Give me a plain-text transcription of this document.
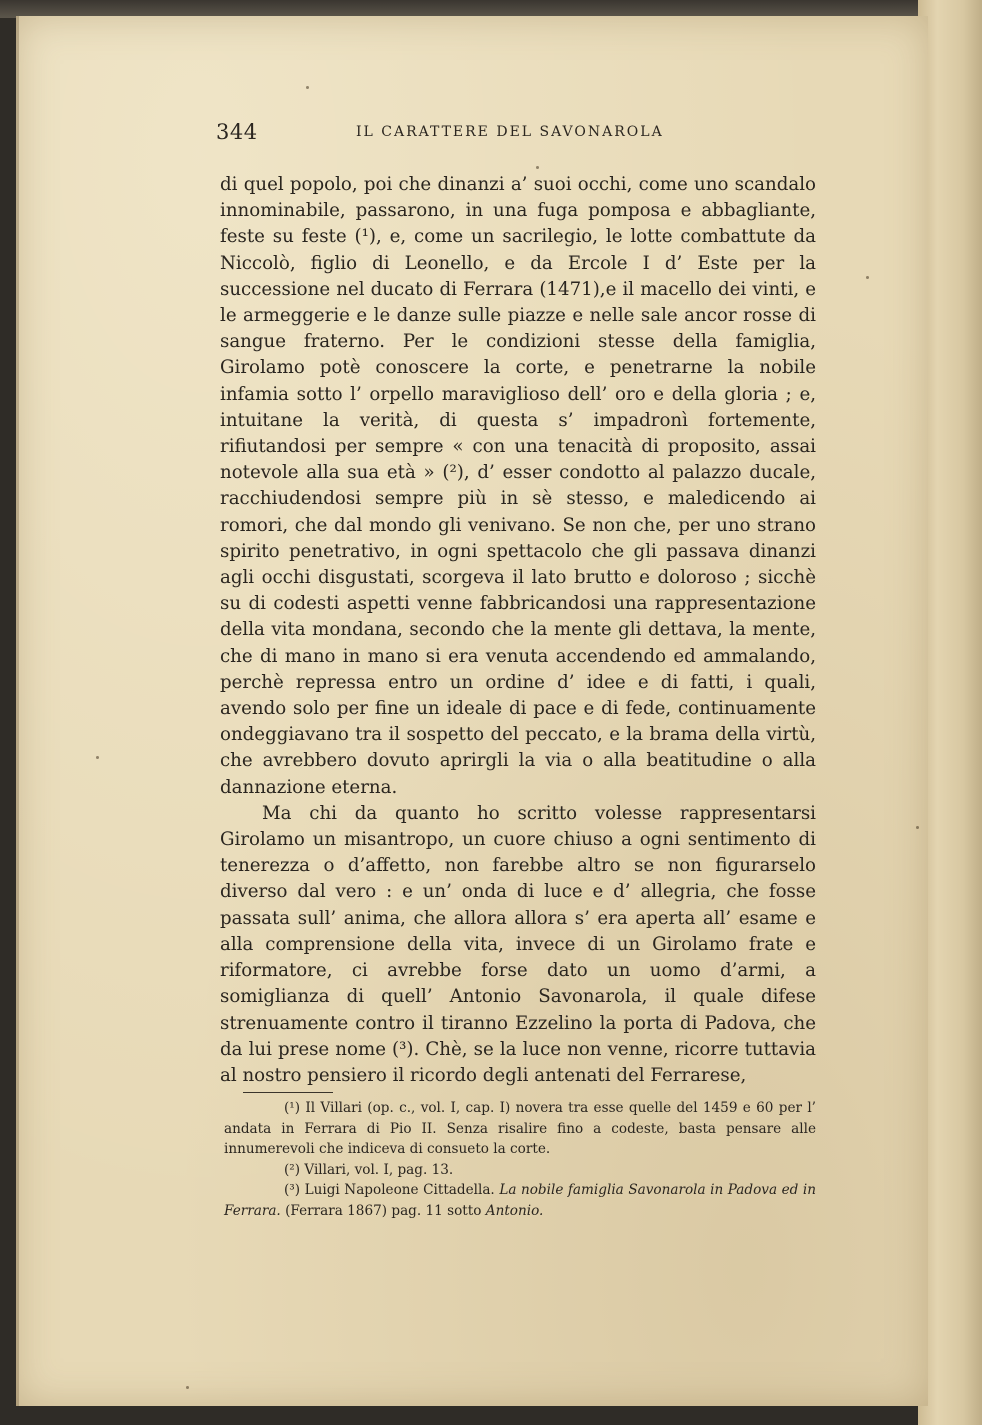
344	IL CARATTERE DEL SAVONAROLA

di quel popolo, poi che dinanzi a’ suoi occhi, come uno scandalo innominabile, passarono, in una fuga pomposa e abbagliante, feste su feste (¹), e, come un sacrilegio, le lotte combattute da Niccolò, figlio di Leonello, e da Ercole I d’ Este per la successione nel ducato di Ferrara (1471),e il macello dei vinti, e le armeggerie e le danze sulle piazze e nelle sale ancor rosse di sangue fraterno. Per le condizioni stesse della famiglia, Girolamo potè conoscere la corte, e penetrarne la nobile infamia sotto l’ orpello maraviglioso dell’ oro e della gloria ; e, intuitane la verità, di questa s’ impadronì fortemente, rifiutandosi per sempre « con una tenacità di proposito, assai notevole alla sua età » (²), d’ esser condotto al palazzo ducale, racchiudendosi sempre più in sè stesso, e maledicendo ai romori, che dal mondo gli venivano. Se non che, per uno strano spirito penetrativo, in ogni spettacolo che gli passava dinanzi agli occhi disgustati, scorgeva il lato brutto e doloroso ; sicchè su di codesti aspetti venne fabbricandosi una rappresentazione della vita mondana, secondo che la mente gli dettava, la mente, che di mano in mano si era venuta accendendo ed ammalando, perchè repressa entro un ordine d’ idee e di fatti, i quali, avendo solo per fine un ideale di pace e di fede, continuamente ondeggiavano tra il sospetto del peccato, e la brama della virtù, che avrebbero dovuto aprirgli la via o alla beatitudine o alla dannazione eterna.

Ma chi da quanto ho scritto volesse rappresentarsi Girolamo un misantropo, un cuore chiuso a ogni sentimento di tenerezza o d’affetto, non farebbe altro se non figurarselo diverso dal vero : e un’ onda di luce e d’ allegria, che fosse passata sull’ anima, che allora allora s’ era aperta all’ esame e alla comprensione della vita, invece di un Girolamo frate e riformatore, ci avrebbe forse dato un uomo d’armi, a somiglianza di quell’ Antonio Savonarola, il quale difese strenuamente contro il tiranno Ezzelino la porta di Padova, che da lui prese nome (³). Chè, se la luce non venne, ricorre tuttavia al nostro pensiero il ricordo degli antenati del Ferrarese,

(¹) Il Villari (op. c., vol. I, cap. I) novera tra esse quelle del 1459 e 60 per l’ andata in Ferrara di Pio II. Senza risalire fino a codeste, basta pensare alle innumerevoli che indiceva di consueto la corte.

(²) Villari, vol. I, pag. 13.

(³) Luigi Napoleone Cittadella. La nobile famiglia Savonarola in Padova ed in Ferrara. (Ferrara 1867) pag. 11 sotto Antonio.
